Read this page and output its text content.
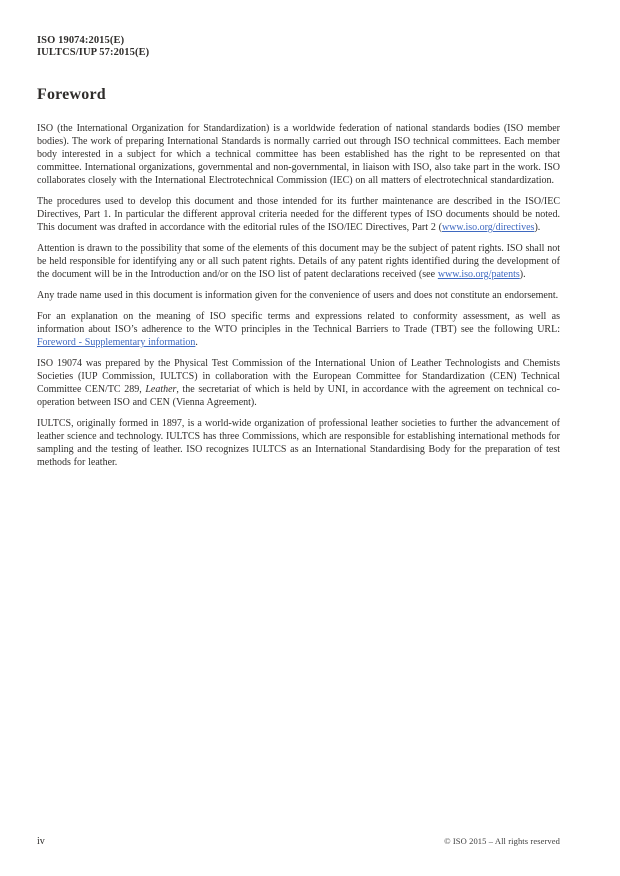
ISO 19074:2015(E)
IULTCS/IUP 57:2015(E)
Foreword

ISO (the International Organization for Standardization) is a worldwide federation of national standards bodies (ISO member bodies). The work of preparing International Standards is normally carried out through ISO technical committees. Each member body interested in a subject for which a technical committee has been established has the right to be represented on that committee. International organizations, governmental and non-governmental, in liaison with ISO, also take part in the work. ISO collaborates closely with the International Electrotechnical Commission (IEC) on all matters of electrotechnical standardization.

The procedures used to develop this document and those intended for its further maintenance are described in the ISO/IEC Directives, Part 1. In particular the different approval criteria needed for the different types of ISO documents should be noted. This document was drafted in accordance with the editorial rules of the ISO/IEC Directives, Part 2 (www.iso.org/directives).

Attention is drawn to the possibility that some of the elements of this document may be the subject of patent rights. ISO shall not be held responsible for identifying any or all such patent rights. Details of any patent rights identified during the development of the document will be in the Introduction and/or on the ISO list of patent declarations received (see www.iso.org/patents).

Any trade name used in this document is information given for the convenience of users and does not constitute an endorsement.

For an explanation on the meaning of ISO specific terms and expressions related to conformity assessment, as well as information about ISO’s adherence to the WTO principles in the Technical Barriers to Trade (TBT) see the following URL: Foreword - Supplementary information.

ISO 19074 was prepared by the Physical Test Commission of the International Union of Leather Technologists and Chemists Societies (IUP Commission, IULTCS) in collaboration with the European Committee for Standardization (CEN) Technical Committee CEN/TC 289, Leather, the secretariat of which is held by UNI, in accordance with the agreement on technical co-operation between ISO and CEN (Vienna Agreement).

IULTCS, originally formed in 1897, is a world-wide organization of professional leather societies to further the advancement of leather science and technology. IULTCS has three Commissions, which are responsible for establishing international methods for sampling and the testing of leather. ISO recognizes IULTCS as an International Standardising Body for the preparation of test methods for leather.

iv	© ISO 2015 – All rights reserved
